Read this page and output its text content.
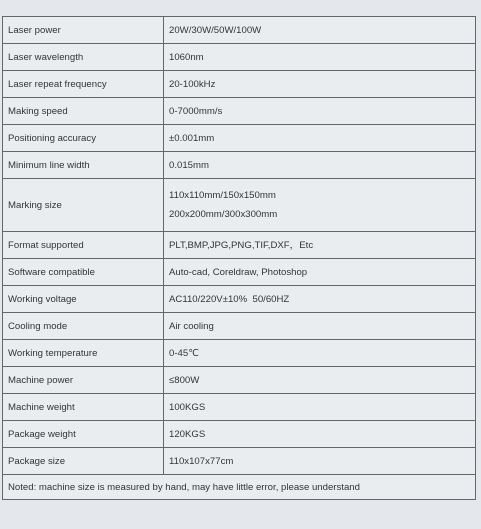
Laser power	20W/30W/50W/100W
Laser wavelength	1060nm
Laser repeat frequency	20-100kHz
Making speed	0-7000mm/s
Positioning accuracy	±0.001mm
Minimum line width	0.015mm
Marking size	110x110mm/150x150mm
200x200mm/300x300mm

Format supported	PLT,BMP,JPG,PNG,TIF,DXF，Etc
Software compatible	Auto-cad, Coreldraw, Photoshop
Working voltage	AC110/220V±10%  50/60HZ
Cooling mode	Air cooling
Working temperature	0-45℃
Machine power	≤800W
Machine weight	100KGS
Package weight	120KGS
Package size	110x107x77cm
Noted: machine size is measured by hand, may have little error, please understand	
